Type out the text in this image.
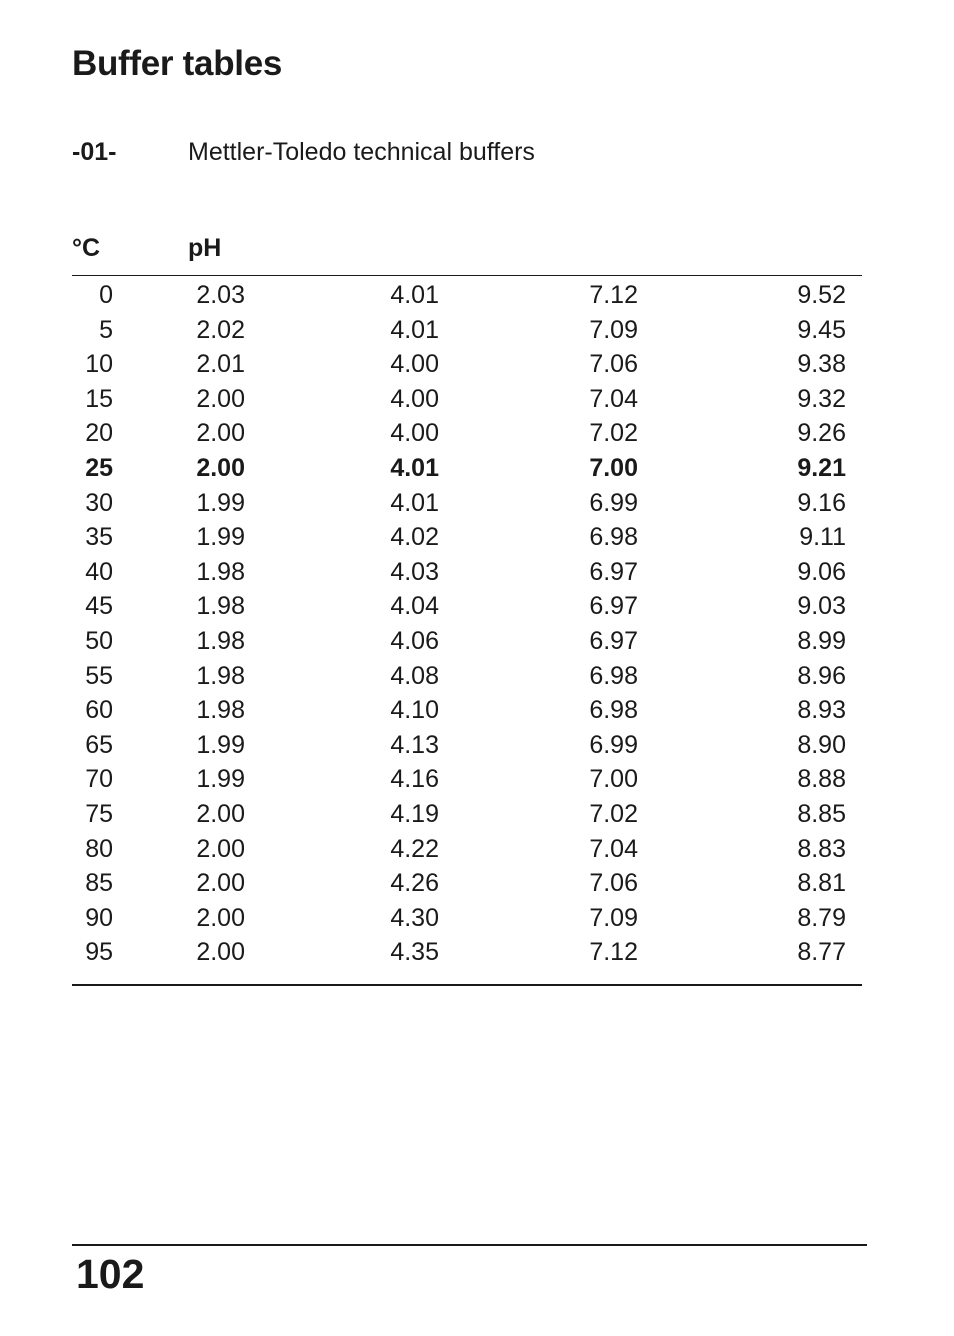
Buffer tables
-01-	Mettler-Toledo technical buffers
°C	pH
0	2.03	4.01	7.12	9.52
5	2.02	4.01	7.09	9.45
10	2.01	4.00	7.06	9.38
15	2.00	4.00	7.04	9.32
20	2.00	4.00	7.02	9.26
25	2.00	4.01	7.00	9.21
30	1.99	4.01	6.99	9.16
35	1.99	4.02	6.98	9.11
40	1.98	4.03	6.97	9.06
45	1.98	4.04	6.97	9.03
50	1.98	4.06	6.97	8.99
55	1.98	4.08	6.98	8.96
60	1.98	4.10	6.98	8.93
65	1.99	4.13	6.99	8.90
70	1.99	4.16	7.00	8.88
75	2.00	4.19	7.02	8.85
80	2.00	4.22	7.04	8.83
85	2.00	4.26	7.06	8.81
90	2.00	4.30	7.09	8.79
95	2.00	4.35	7.12	8.77
102
